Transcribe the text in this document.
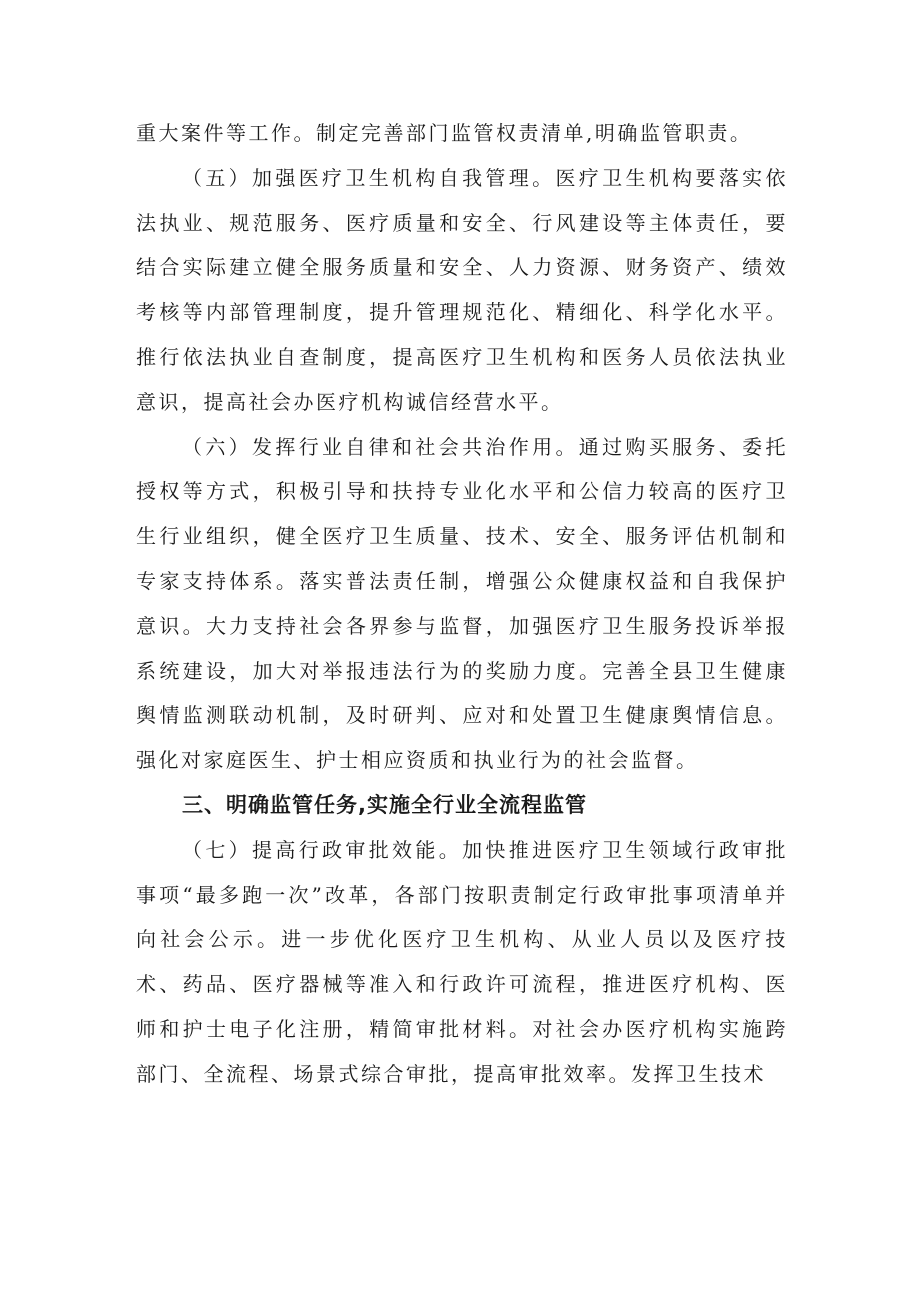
重大案件等工作。制定完善部门监管权责清单,明确监管职责。

（五）加强医疗卫生机构自我管理。医疗卫生机构要落实依法执业、规范服务、医疗质量和安全、行风建设等主体责任，要结合实际建立健全服务质量和安全、人力资源、财务资产、绩效考核等内部管理制度，提升管理规范化、精细化、科学化水平。推行依法执业自查制度，提高医疗卫生机构和医务人员依法执业意识，提高社会办医疗机构诚信经营水平。

（六）发挥行业自律和社会共治作用。通过购买服务、委托授权等方式，积极引导和扶持专业化水平和公信力较高的医疗卫生行业组织，健全医疗卫生质量、技术、安全、服务评估机制和专家支持体系。落实普法责任制，增强公众健康权益和自我保护意识。大力支持社会各界参与监督，加强医疗卫生服务投诉举报系统建设，加大对举报违法行为的奖励力度。完善全县卫生健康舆情监测联动机制，及时研判、应对和处置卫生健康舆情信息。强化对家庭医生、护士相应资质和执业行为的社会监督。

三、明确监管任务,实施全行业全流程监管

（七）提高行政审批效能。加快推进医疗卫生领域行政审批事项“最多跑一次”改革，各部门按职责制定行政审批事项清单并向社会公示。进一步优化医疗卫生机构、从业人员以及医疗技术、药品、医疗器械等准入和行政许可流程，推进医疗机构、医师和护士电子化注册，精简审批材料。对社会办医疗机构实施跨部门、全流程、场景式综合审批，提高审批效率。发挥卫生技术
